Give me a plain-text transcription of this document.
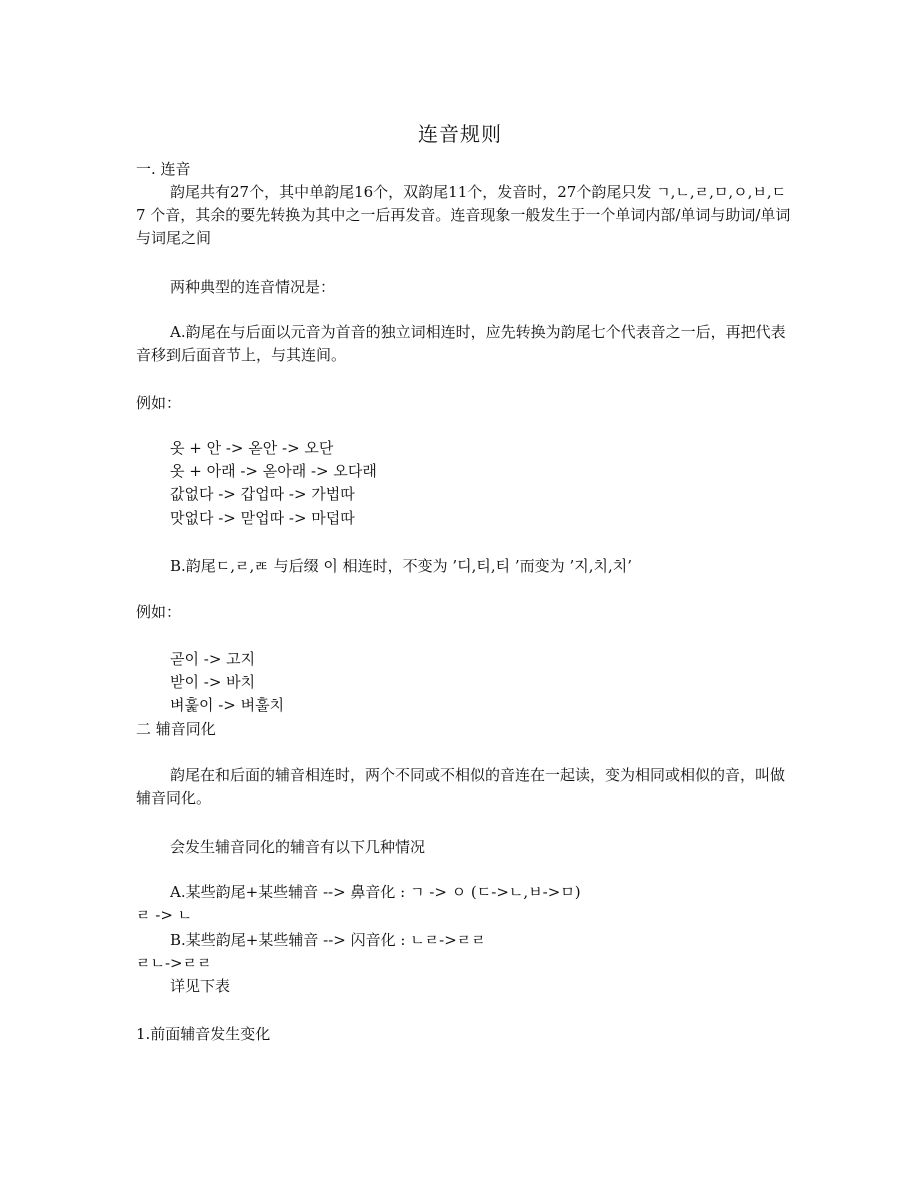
连音规则
一. 连音
韵尾共有27个，其中单韵尾16个，双韵尾11个，发音时，27个韵尾只发 ㄱ,ㄴ,ㄹ,ㅁ,ㅇ,ㅂ,ㄷ 7 个音，其余的要先转换为其中之一后再发音。连音现象一般发生于一个单词内部/单词与助词/单词与词尾之间
两种典型的连音情况是：
A.韵尾在与后面以元音为首音的独立词相连时，应先转换为韵尾七个代表音之一后，再把代表音移到后面音节上，与其连间。
例如：
옷 + 안 -> 옫안 -> 오단
옷 + 아래 -> 옫아래 -> 오다래
값없다 -> 갑업따 -> 가법따
맛없다 -> 맏업따 -> 마덥따
B.韵尾ㄷ,ㄹ,ㄾ 与后缀 이 相连时，不变为 ’디,티,티 ’而变为 ’지,치,치’
例如：
곧이 -> 고지
받이 -> 바치
벼훑이 -> 벼훌치
二 辅音同化
韵尾在和后面的辅音相连时，两个不同或不相似的音连在一起读，变为相同或相似的音，叫做辅音同化。
会发生辅音同化的辅音有以下几种情况
A.某些韵尾+某些辅音 --> 鼻音化 : ㄱ -> ㅇ (ㄷ->ㄴ,ㅂ->ㅁ)
ㄹ -> ㄴ
B.某些韵尾+某些辅音 --> 闪音化 : ㄴㄹ->ㄹㄹ
ㄹㄴ->ㄹㄹ
详见下表
1.前面辅音发生变化
